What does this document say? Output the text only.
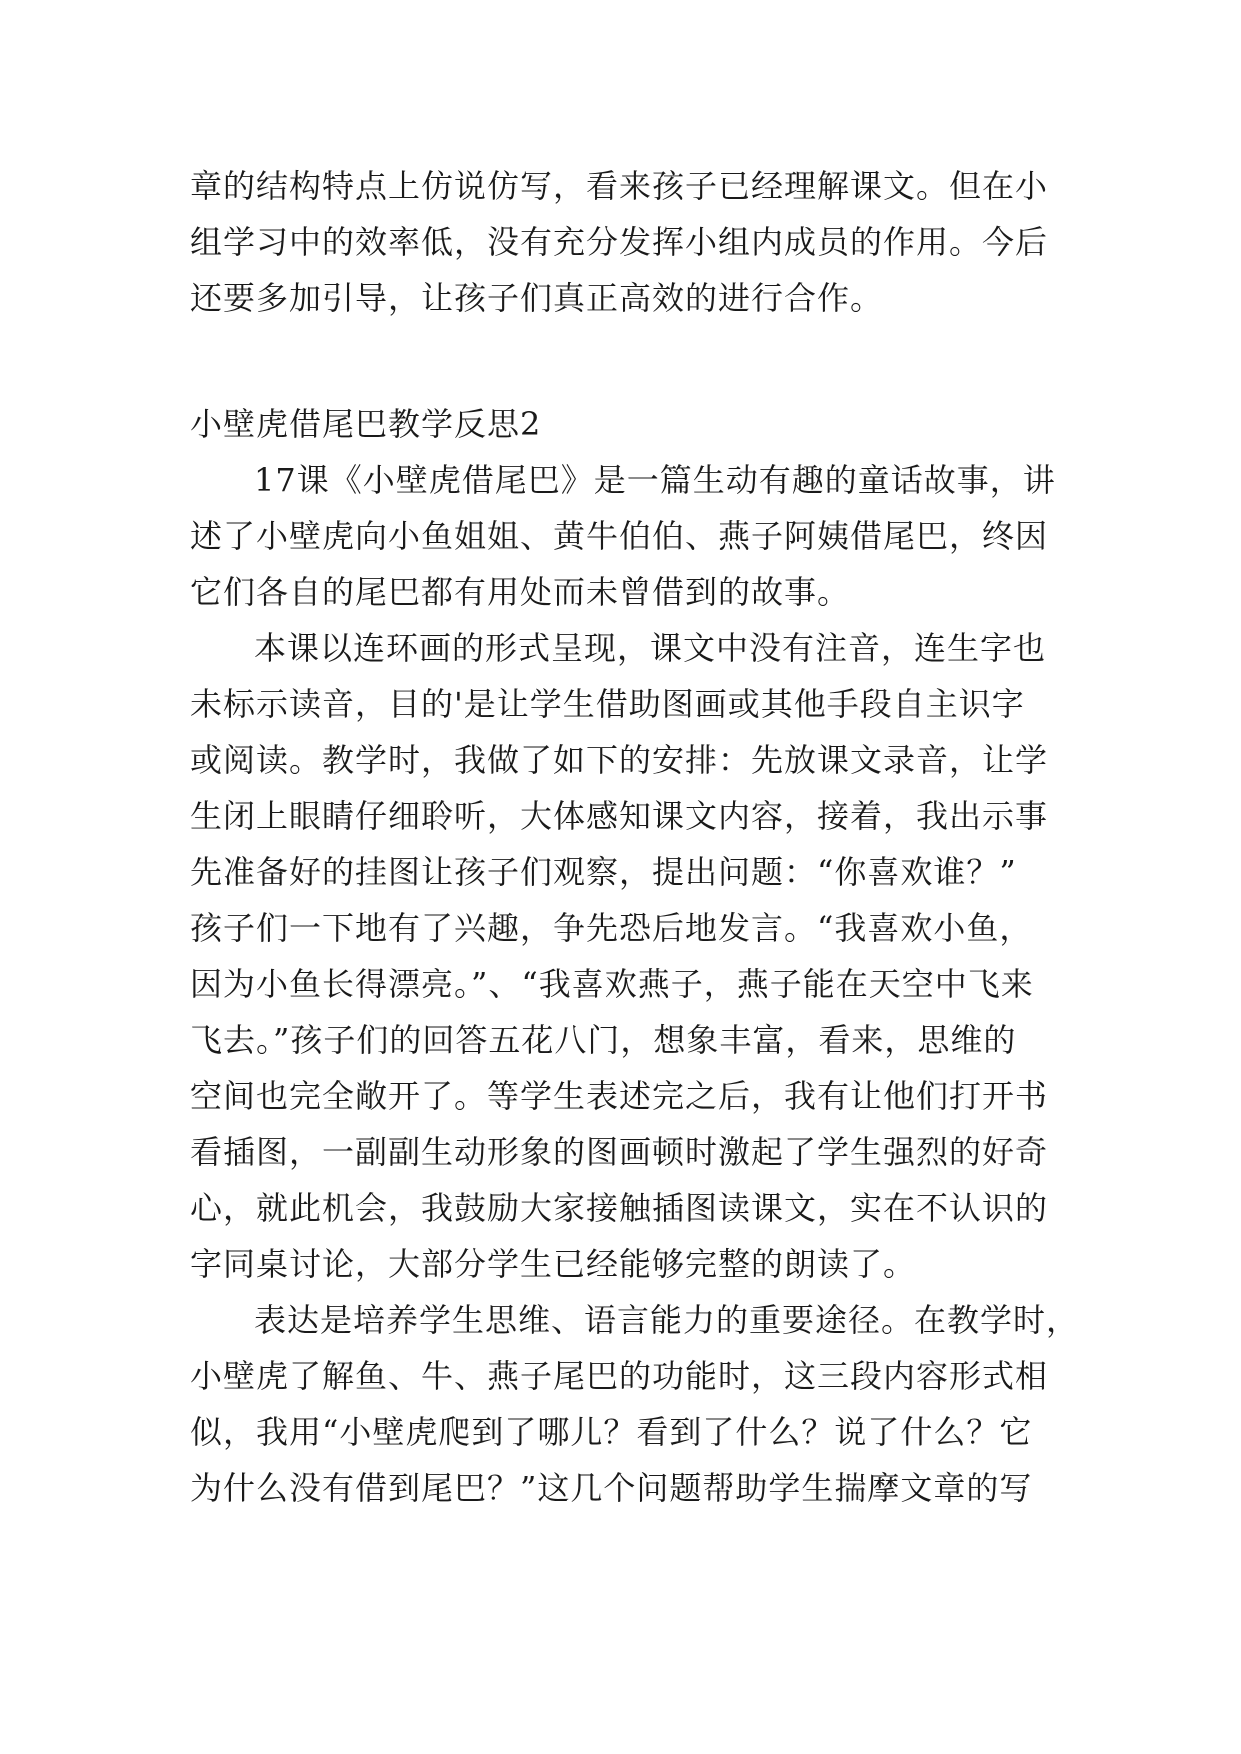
章的结构特点上仿说仿写，看来孩子已经理解课文。但在小
组学习中的效率低，没有充分发挥小组内成员的作用。今后
还要多加引导，让孩子们真正高效的进行合作。
小壁虎借尾巴教学反思2
17课《小壁虎借尾巴》是一篇生动有趣的童话故事，讲
述了小壁虎向小鱼姐姐、黄牛伯伯、燕子阿姨借尾巴，终因
它们各自的尾巴都有用处而未曾借到的故事。
本课以连环画的形式呈现，课文中没有注音，连生字也
未标示读音，目的'是让学生借助图画或其他手段自主识字
或阅读。教学时，我做了如下的安排：先放课文录音，让学
生闭上眼睛仔细聆听，大体感知课文内容，接着，我出示事
先准备好的挂图让孩子们观察，提出问题：“你喜欢谁？”
孩子们一下地有了兴趣，争先恐后地发言。“我喜欢小鱼，
因为小鱼长得漂亮。”、“我喜欢燕子，燕子能在天空中飞来
飞去。”孩子们的回答五花八门，想象丰富，看来，思维的
空间也完全敞开了。等学生表述完之后，我有让他们打开书
看插图，一副副生动形象的图画顿时激起了学生强烈的好奇
心，就此机会，我鼓励大家接触插图读课文，实在不认识的
字同桌讨论，大部分学生已经能够完整的朗读了。
表达是培养学生思维、语言能力的重要途径。在教学时，
小壁虎了解鱼、牛、燕子尾巴的功能时，这三段内容形式相
似，我用“小壁虎爬到了哪儿？看到了什么？说了什么？它
为什么没有借到尾巴？”这几个问题帮助学生揣摩文章的写
